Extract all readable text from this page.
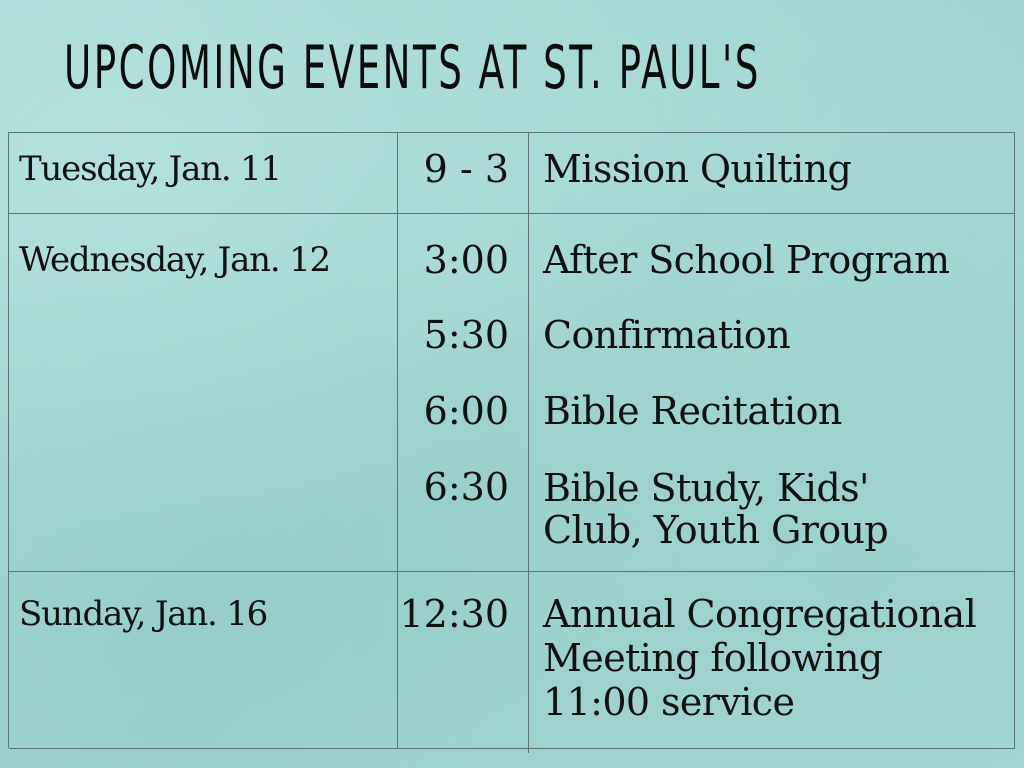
UPCOMING EVENTS AT ST. PAUL'S
Tuesday, Jan. 11	9 - 3 Mission Quilting
Wednesday, Jan. 12 3:00 After School Program
5:30 Confirmation
6:00 Bible Recitation
6:30 Bible Study, Kids'
Club, Youth Group
Sunday, Jan. 16	12:30 Annual Congregational
Meeting following
11:00 service
